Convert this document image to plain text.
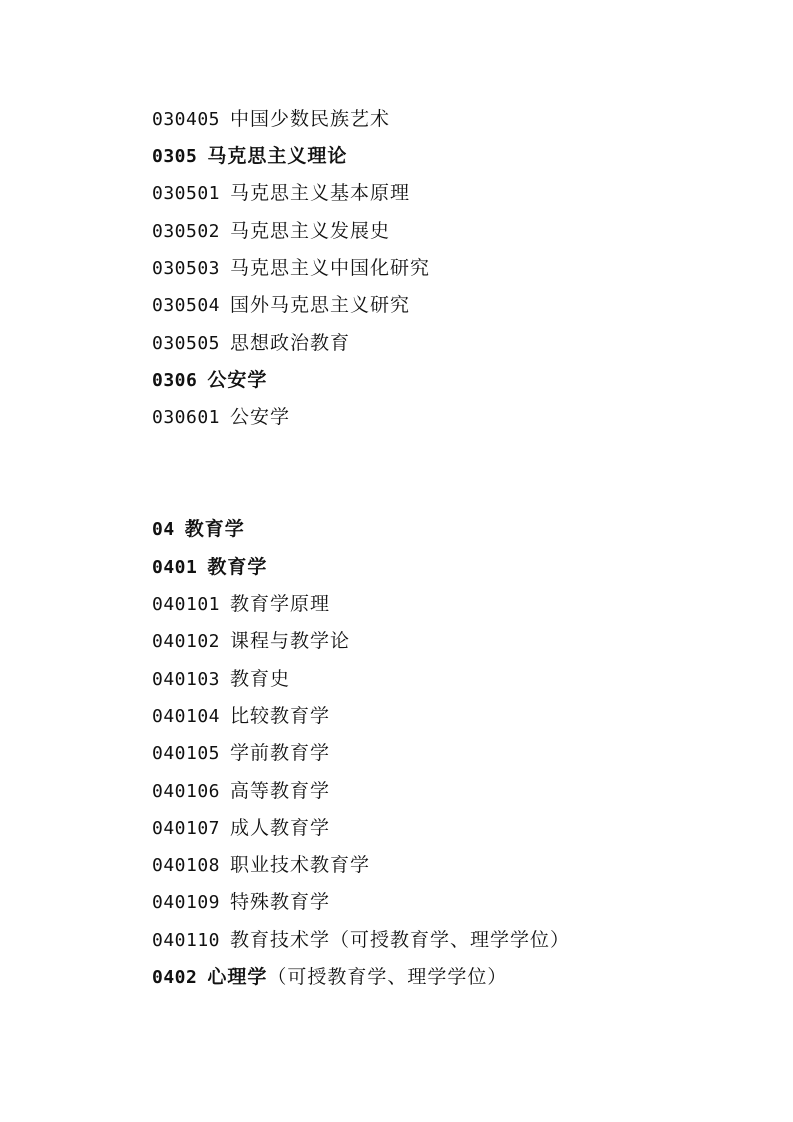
030405 中国少数民族艺术
0305 马克思主义理论
030501 马克思主义基本原理
030502 马克思主义发展史
030503 马克思主义中国化研究
030504 国外马克思主义研究
030505 思想政治教育
0306 公安学
030601 公安学
04 教育学
0401 教育学
040101 教育学原理
040102 课程与教学论
040103 教育史
040104 比较教育学
040105 学前教育学
040106 高等教育学
040107 成人教育学
040108 职业技术教育学
040109 特殊教育学
040110 教育技术学（可授教育学、理学学位）
0402 心理学（可授教育学、理学学位）
